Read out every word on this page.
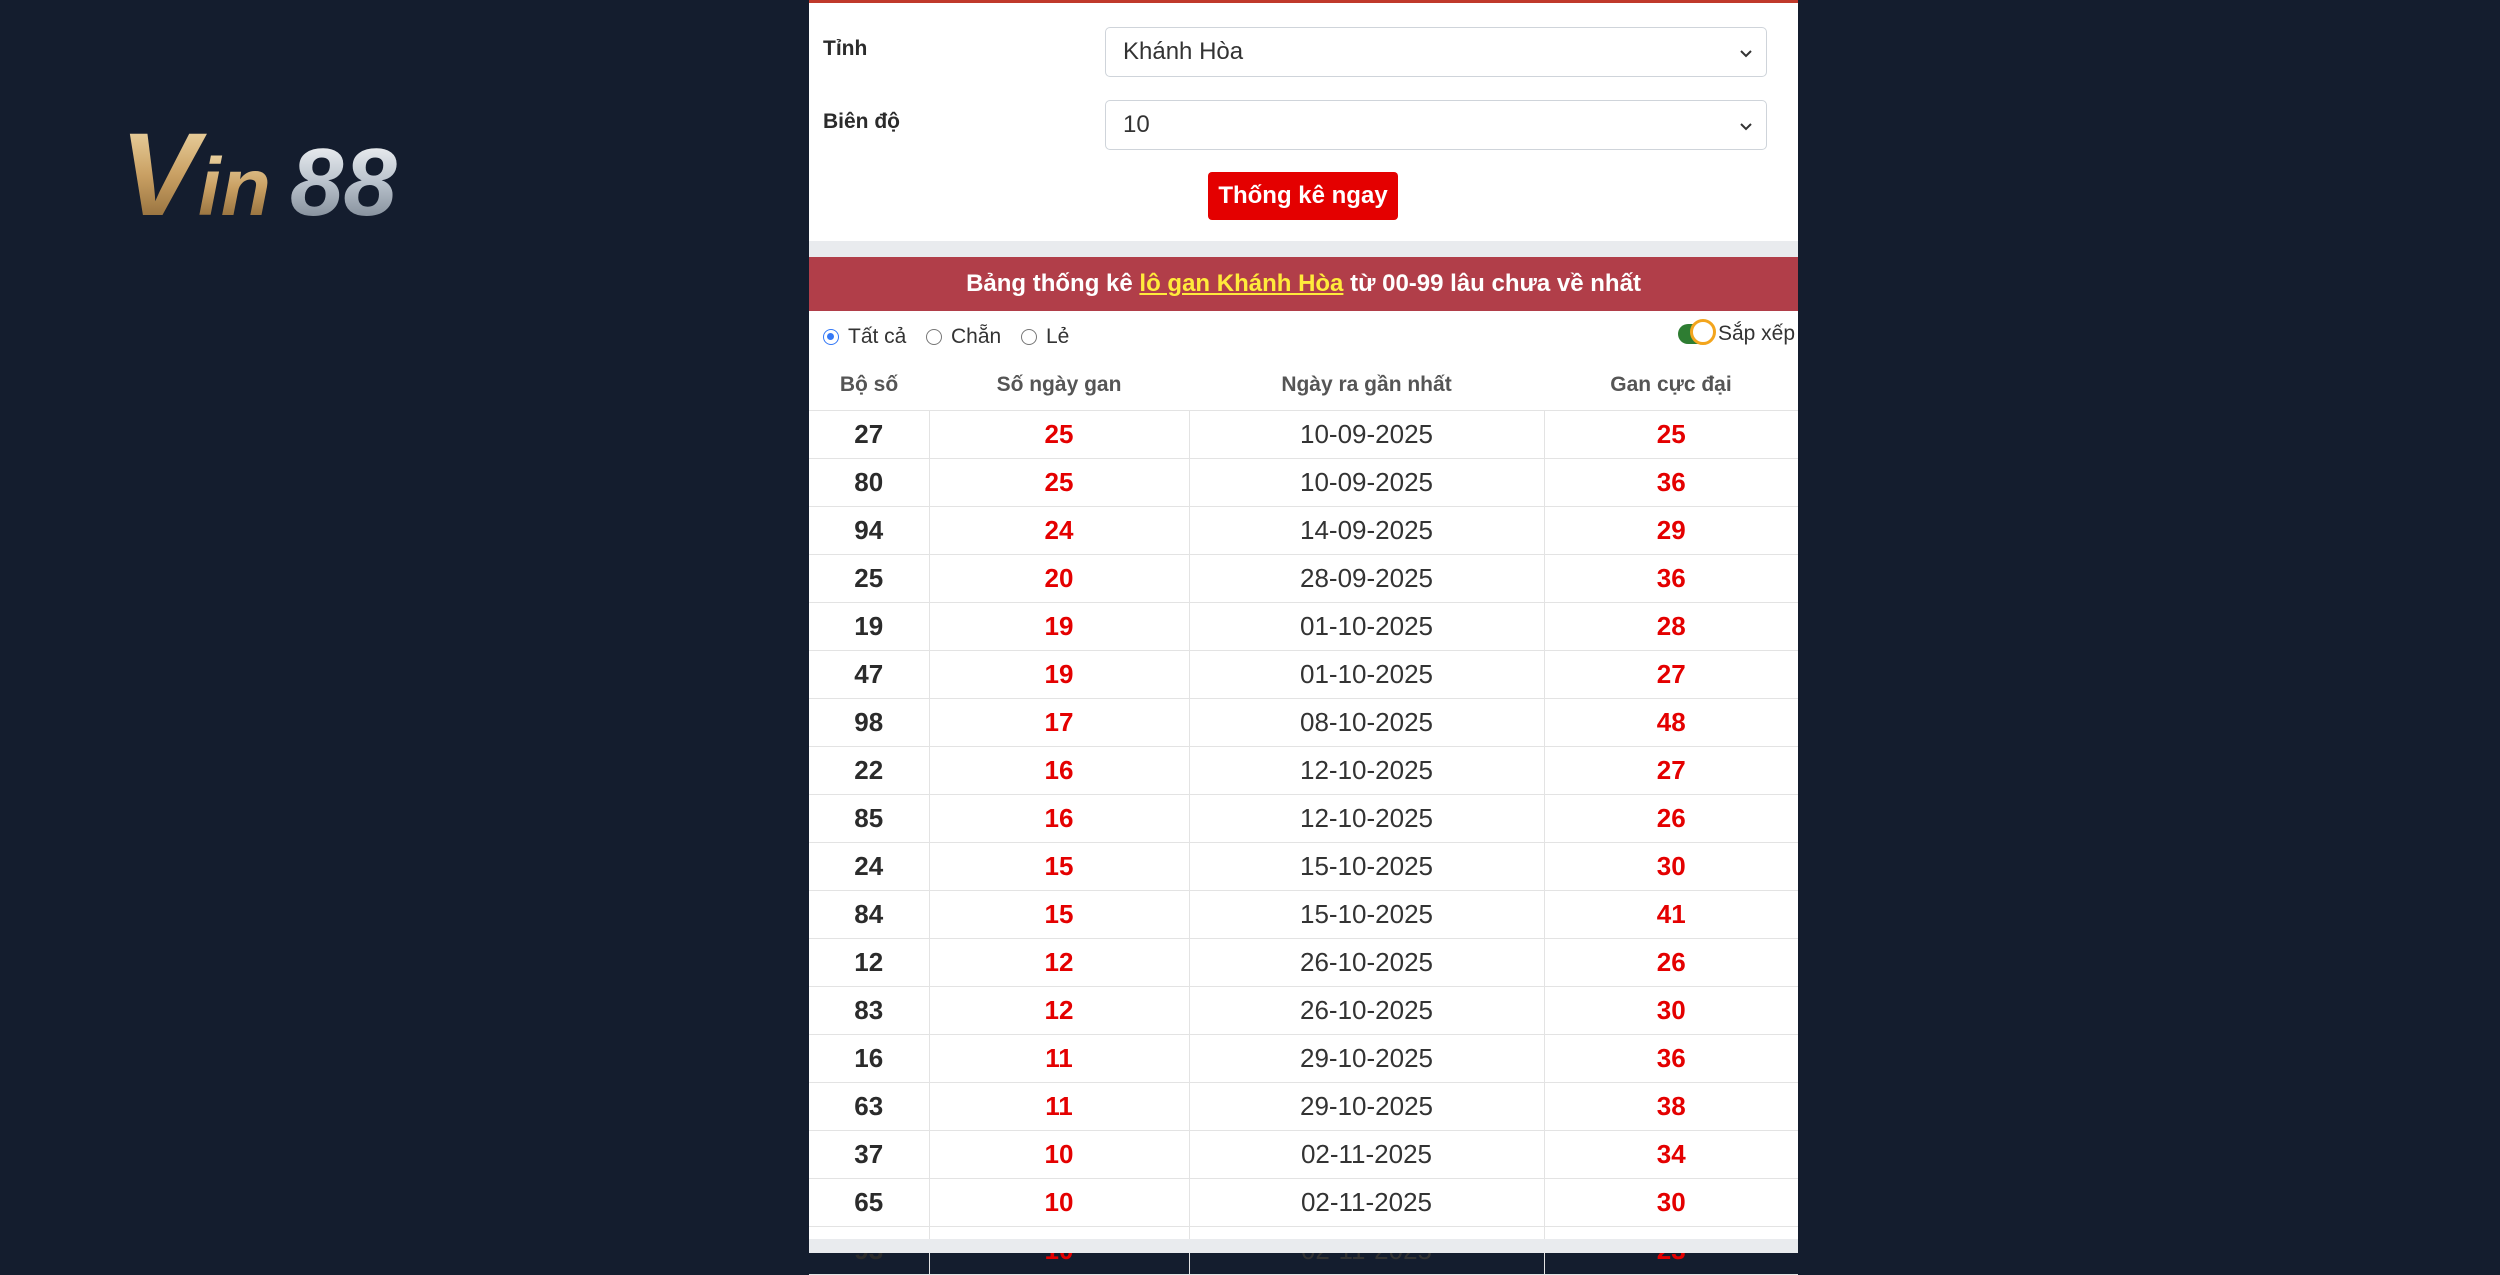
V in 88
Tỉnh	Khánh Hòa
Biên độ	10
Thống kê ngay
Bảng thống kê lô gan Khánh Hòa từ 00-99 lâu chưa về nhất
Tất cả Chẵn Lẻ	Sắp xếp
Bộ số	Số ngày gan	Ngày ra gần nhất	Gan cực đại
27	25	10-09-2025	25
80	25	10-09-2025	36
94	24	14-09-2025	29
25	20	28-09-2025	36
19	19	01-10-2025	28
47	19	01-10-2025	27
98	17	08-10-2025	48
22	16	12-10-2025	27
85	16	12-10-2025	26
24	15	15-10-2025	30
84	15	15-10-2025	41
12	12	26-10-2025	26
83	12	26-10-2025	30
16	11	29-10-2025	36
63	11	29-10-2025	38
37	10	02-11-2025	34
65	10	02-11-2025	30
